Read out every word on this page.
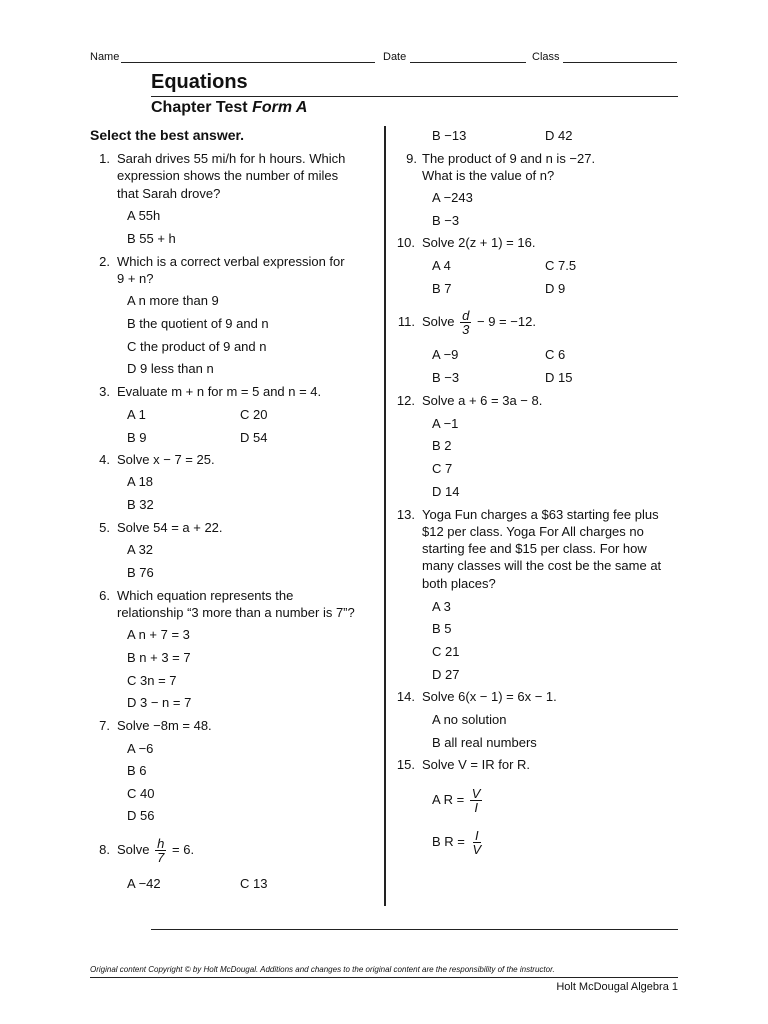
Name	Date	Class
Equations
Chapter Test Form A
Select the best answer.
1. Sarah drives 55 mi/h for h hours. Which
expression shows the number of miles
that Sarah drove?
A 55h
B 55 + h
2. Which is a correct verbal expression for
9 + n?
A n more than 9
B the quotient of 9 and n
C the product of 9 and n
D 9 less than n
3. Evaluate m + n for m = 5 and n = 4.
A 1	C 20
B 9	D 54
4. Solve x − 7 = 25.
A 18
B 32
5. Solve 54 = a + 22.
A 32
B 76
6. Which equation represents the
relationship “3 more than a number is 7”?
A n + 7 = 3
B n + 3 = 7
C 3n = 7
D 3 − n = 7
7. Solve −8m = 48.
A −6
B 6
C 40
D 56
8. Solve
$\frac{h}{7}$
= 6.
A −42	C 13
B −13	D 42
9. The product of 9 and n is −27.
What is the value of n?
A −243
B −3
10. Solve 2(z + 1) = 16.
A 4	C 7.5
B 7	D 9
11. Solve
$\frac{d}{3}$
− 9 = −12.
A −9	C 6
B −3	D 15
12. Solve a + 6 = 3a − 8.
A −1
B 2
C 7
D 14
13. Yoga Fun charges a $63 starting fee plus
$12 per class. Yoga For All charges no
starting fee and $15 per class. For how
many classes will the cost be the same at
both places?
A 3
B 5
C 21
D 27
14. Solve 6(x − 1) = 6x − 1.
A no solution
B all real numbers
15. Solve V = IR for R.
A R =
$\frac{V}{I}$
B R =
$\frac{I}{V}$
Original content Copyright © by Holt McDougal. Additions and changes to the original content are the responsibility of the instructor.
Holt McDougal Algebra 1
